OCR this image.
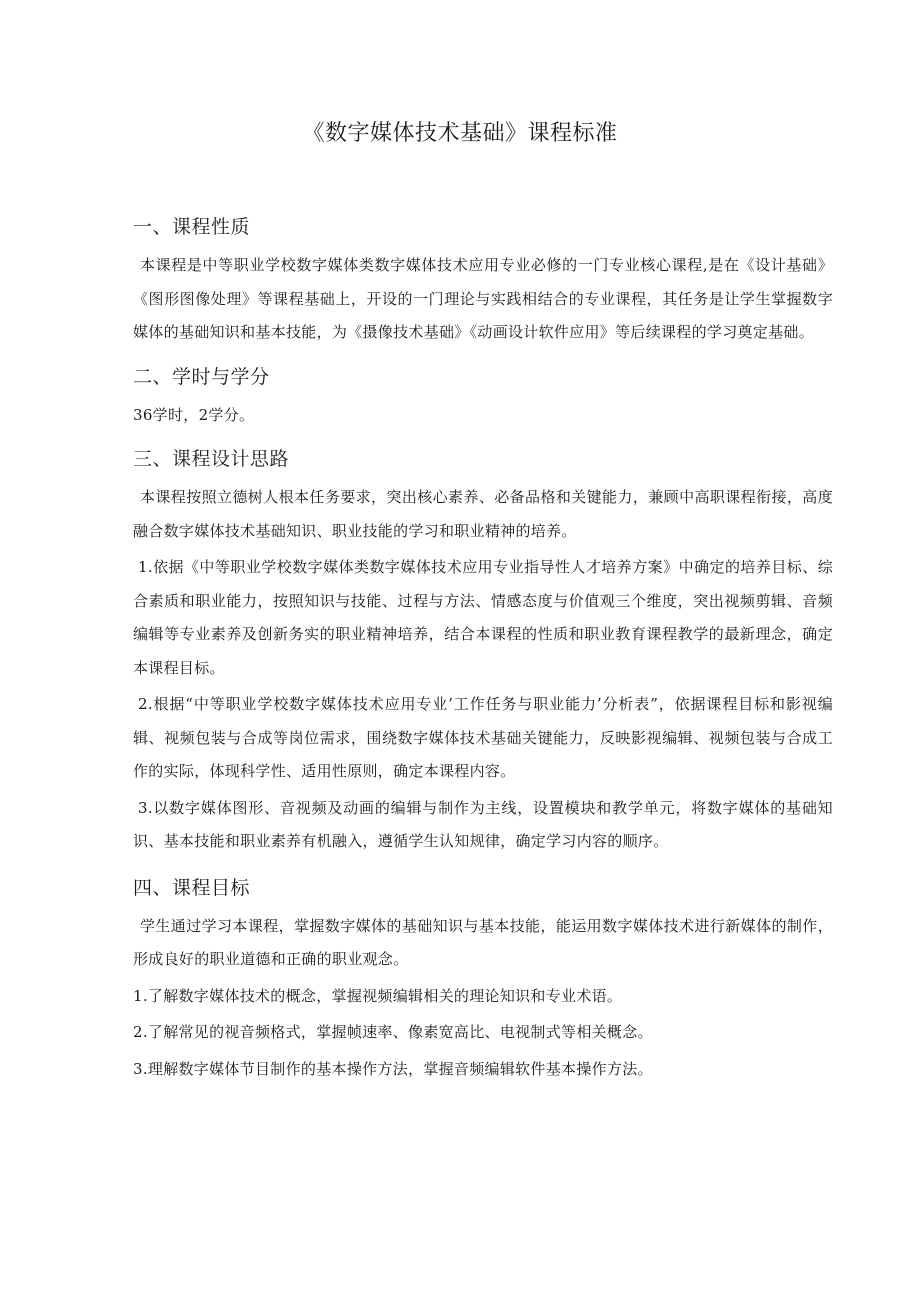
《数字媒体技术基础》课程标准
一、课程性质

本课程是中等职业学校数字媒体类数字媒体技术应用专业必修的一门专业核心课程,是在《设计基础》《图形图像处理》等课程基础上，开设的一门理论与实践相结合的专业课程，其任务是让学生掌握数字媒体的基础知识和基本技能，为《摄像技术基础》《动画设计软件应用》等后续课程的学习奠定基础。

二、学时与学分

36学时，2学分。

三、课程设计思路

本课程按照立德树人根本任务要求，突出核心素养、必备品格和关键能力，兼顾中高职课程衔接，高度融合数字媒体技术基础知识、职业技能的学习和职业精神的培养。

1.依据《中等职业学校数字媒体类数字媒体技术应用专业指导性人才培养方案》中确定的培养目标、综合素质和职业能力，按照知识与技能、过程与方法、情感态度与价值观三个维度，突出视频剪辑、音频编辑等专业素养及创新务实的职业精神培养，结合本课程的性质和职业教育课程教学的最新理念，确定本课程目标。

2.根据“中等职业学校数字媒体技术应用专业’工作任务与职业能力’分析表”，依据课程目标和影视编辑、视频包装与合成等岗位需求，围绕数字媒体技术基础关键能力，反映影视编辑、视频包装与合成工作的实际，体现科学性、适用性原则，确定本课程内容。

3.以数字媒体图形、音视频及动画的编辑与制作为主线，设置模块和教学单元，将数字媒体的基础知识、基本技能和职业素养有机融入，遵循学生认知规律，确定学习内容的顺序。

四、课程目标

学生通过学习本课程，掌握数字媒体的基础知识与基本技能，能运用数字媒体技术进行新媒体的制作，形成良好的职业道德和正确的职业观念。

1.了解数字媒体技术的概念，掌握视频编辑相关的理论知识和专业术语。

2.了解常见的视音频格式，掌握帧速率、像素宽高比、电视制式等相关概念。

3.理解数字媒体节目制作的基本操作方法，掌握音频编辑软件基本操作方法。
